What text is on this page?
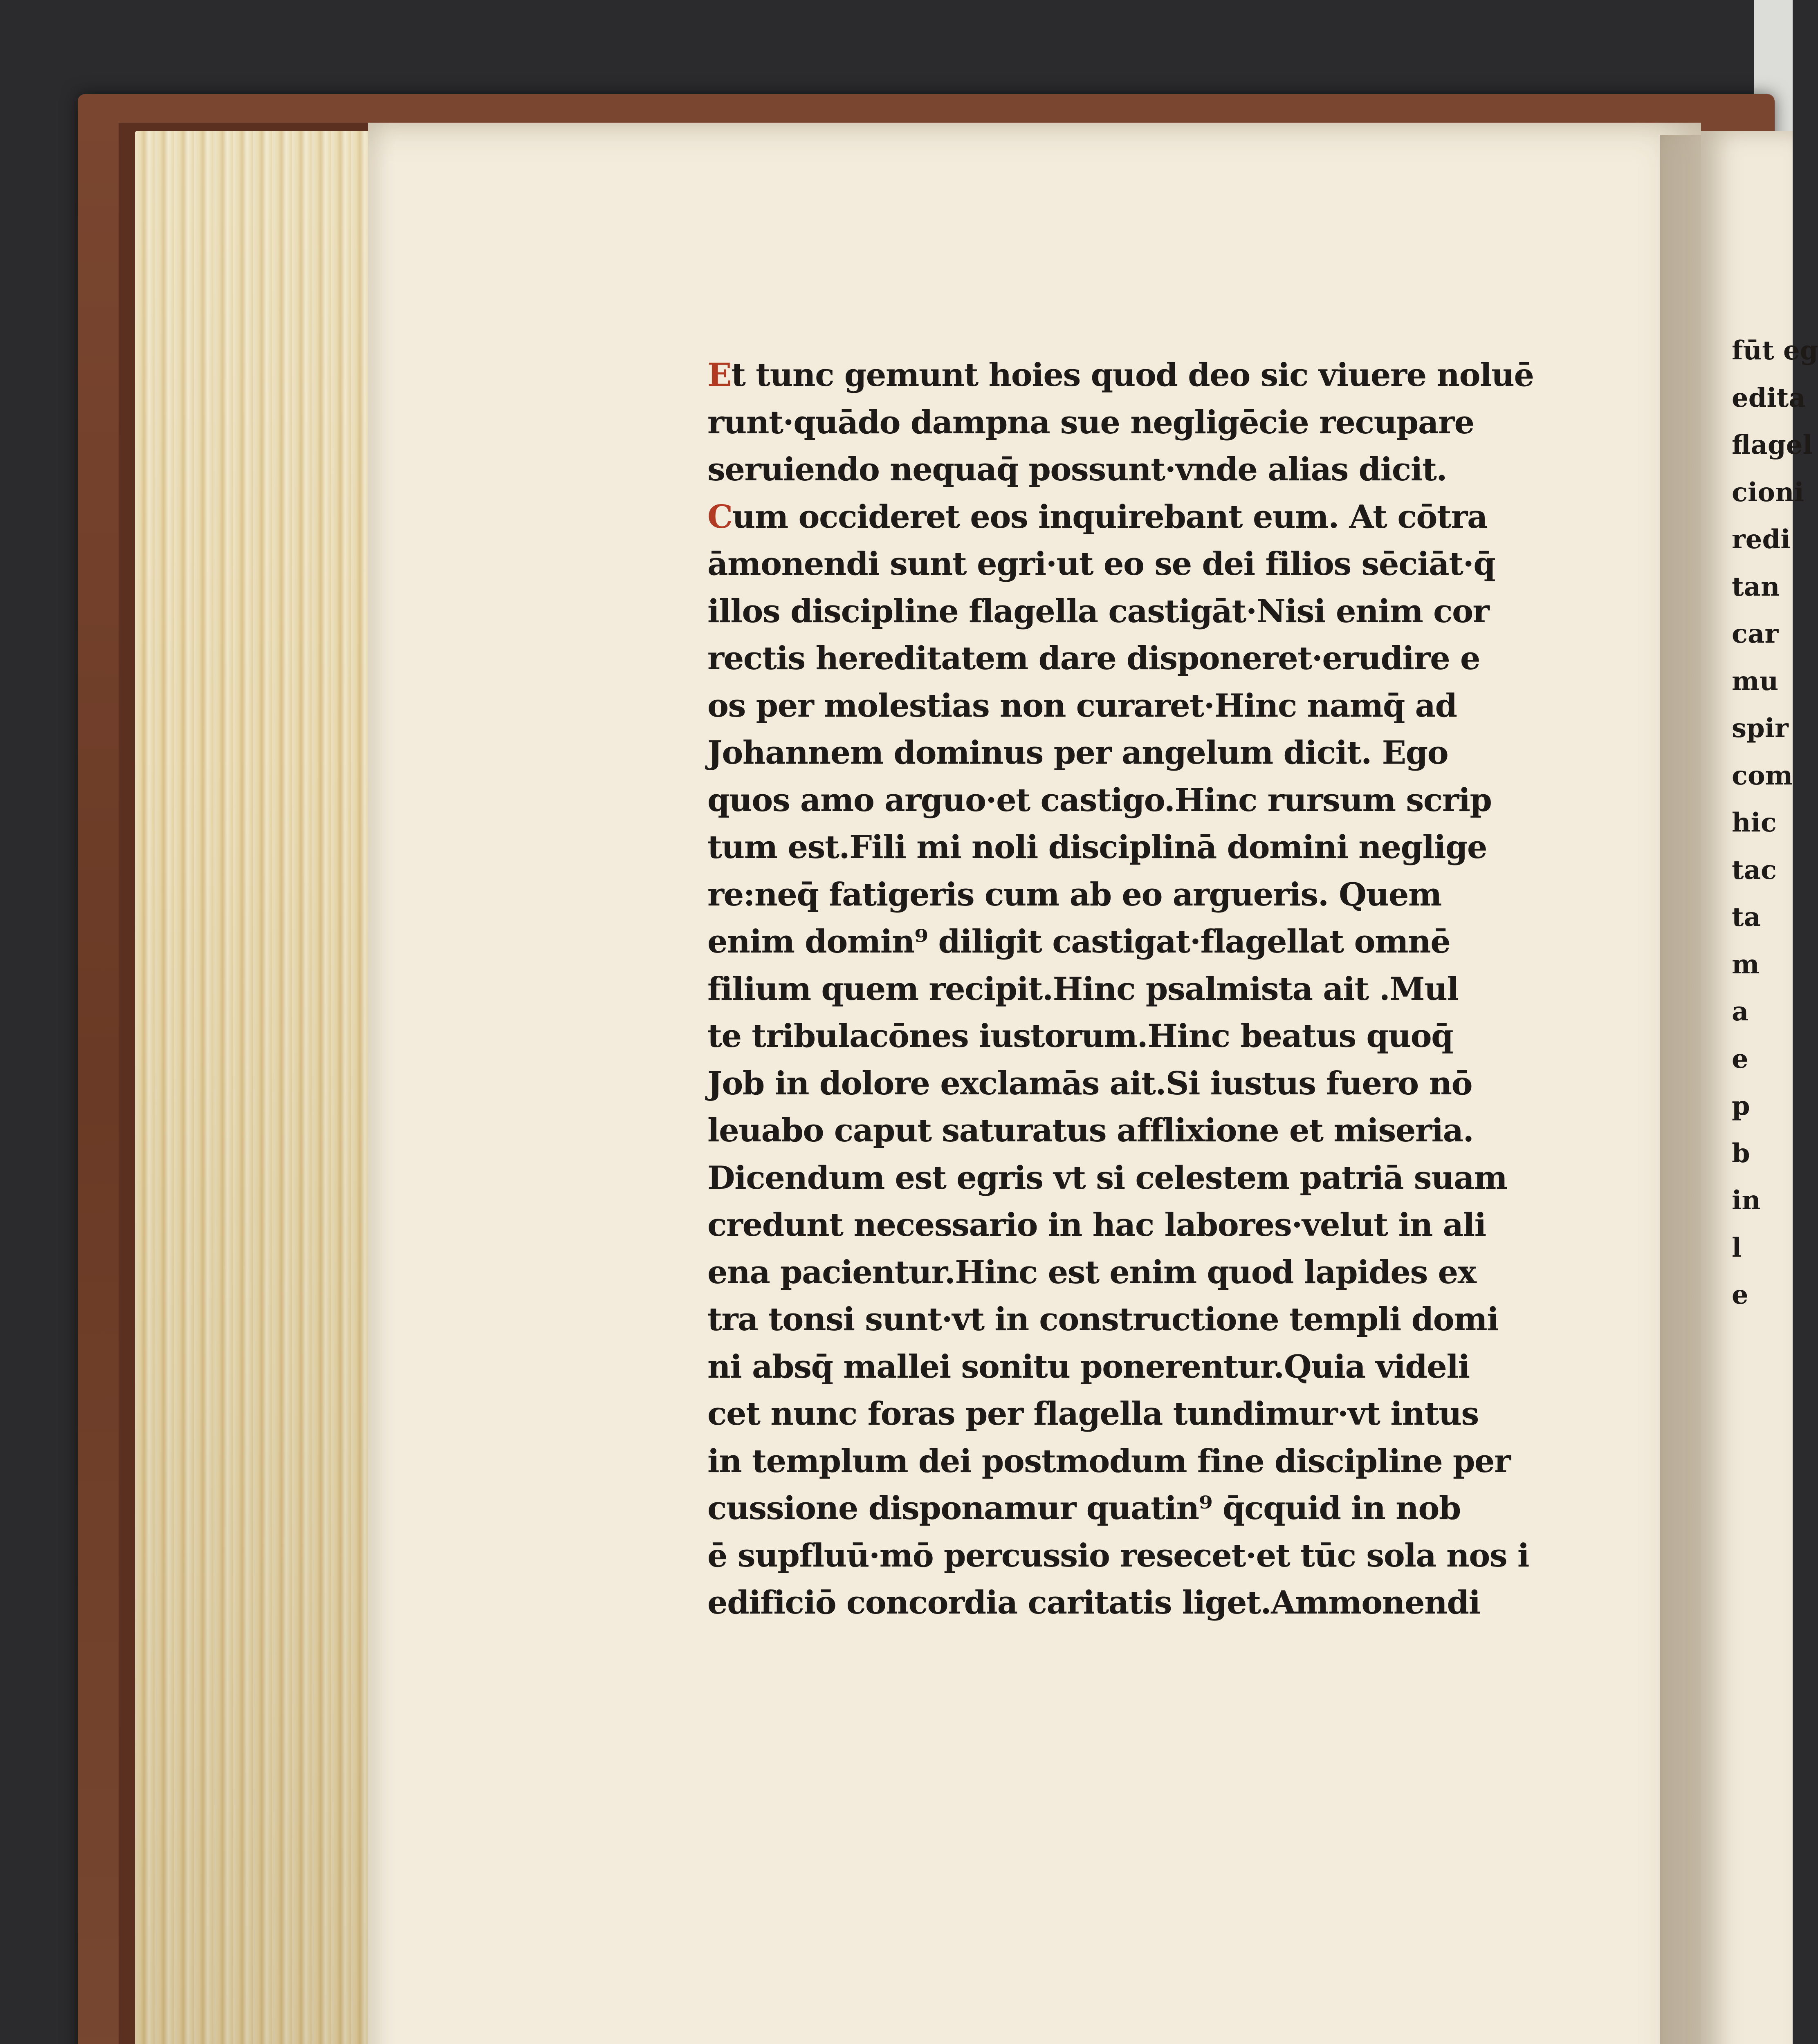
Et tunc gemunt hoies quod deo sic viuere noluē
runt·quādo dampna sue negligēcie recupare
seruiendo nequaq̄ possunt·vnde alias dicit.
Cum occideret eos inquirebant eum. At cōtra
āmonendi sunt egri·ut eo se dei filios sēciāt·q̄
illos discipline flagella castigāt·Nisi enim cor
rectis hereditatem dare disponeret·erudire e
os per molestias non curaret·Hinc namq̄ ad
Johannem dominus per angelum dicit. Ego
quos amo arguo·et castigo.Hinc rursum scrip
tum est.Fili mi noli disciplinā domini neglige
re:neq̄ fatigeris cum ab eo argueris. Quem
enim domin⁹ diligit castigat·flagellat omnē
filium quem recipit.Hinc psalmista ait .Mul
te tribulacōnes iustorum.Hinc beatus quoq̄
Job in dolore exclamās ait.Si iustus fuero nō
leuabo caput saturatus afflixione et miseria.
Dicendum est egris vt si celestem patriā suam
credunt necessario in hac labores·velut in ali
ena pacientur.Hinc est enim quod lapides ex
tra tonsi sunt·vt in constructione templi domi
ni absq̄ mallei sonitu ponerentur.Quia videli
cet nunc foras per flagella tundimur·vt intus
in templum dei postmodum fine discipline per
cussione disponamur quatin⁹ q̄cquid in nob
ē supfluū·mō percussio resecet·et tūc sola nos i
edificiō concordia caritatis liget.Ammonendi
fūt eg
edita
flagel
cioni
redi
tan
car
mu
spir
com
hic
tac
ta
m
a
e
p
b
in
l
e
